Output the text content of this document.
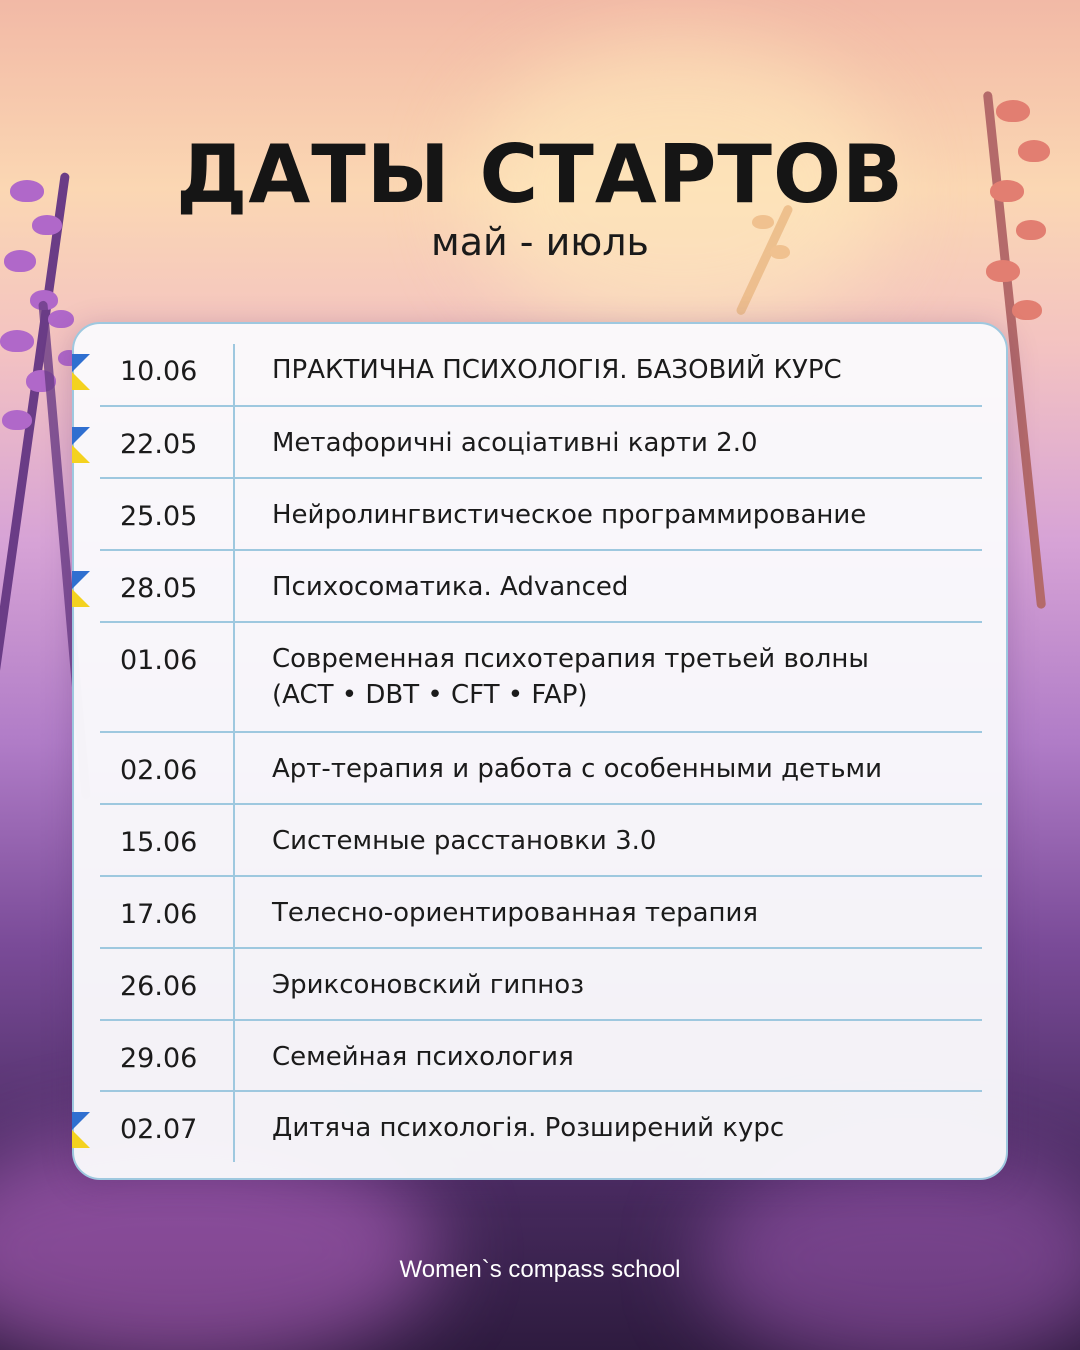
ДАТЫ СТАРТОВ
май - июль
10.06	ПРАКТИЧНА ПСИХОЛОГІЯ. БАЗОВИЙ КУРС
22.05	Метафоричні асоціативні карти 2.0
25.05	Нейролингвистическое программирование
28.05	Психосоматика. Advanced
01.06	Современная психотерапия третьей волны
(ACT • DBT • CFT • FAP)
02.06	Арт-терапия и работа с особенными детьми
15.06	Системные расстановки 3.0
17.06	Телесно-ориентированная терапия
26.06	Эриксоновский гипноз
29.06	Семейная психология
02.07	Дитяча психологія. Розширений курс
Women`s compass school
